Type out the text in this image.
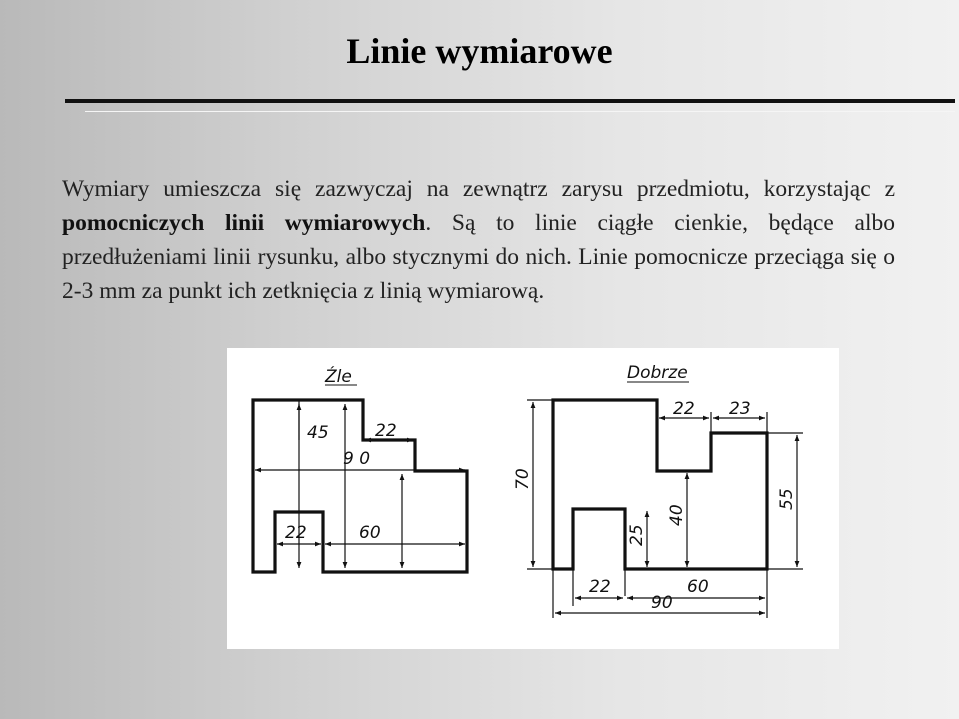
Linie wymiarowe
Wymiary umieszcza się zazwyczaj na zewnątrz zarysu przedmiotu, korzystając z pomocniczych linii wymiarowych. Są to linie ciągłe cienkie, będące albo przedłużeniami linii rysunku, albo stycznymi do nich. Linie pomocnicze przeciąga się o 2-3 mm za punkt ich zetknięcia z linią wymiarową.
Źle
45	22
9 0
22	60
Dobrze
22 23
70
40
55
25
22	60
90
